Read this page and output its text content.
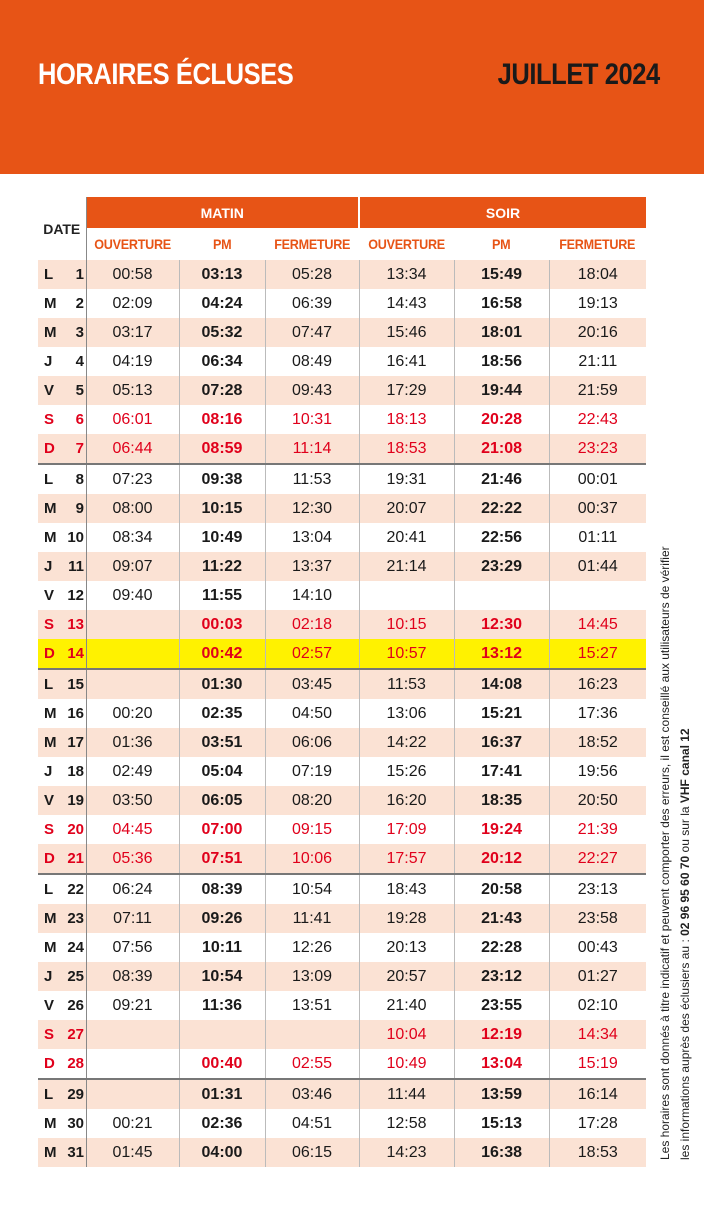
HORAIRES ÉCLUSES	JUILLET 2024
DATE	MATIN			SOIR		
	OUVERTURE	PM	FERMETURE	OUVERTURE	PM	FERMETURE
L 1	00:58	03:13	05:28	13:34	15:49	18:04
M 2	02:09	04:24	06:39	14:43	16:58	19:13
M 3	03:17	05:32	07:47	15:46	18:01	20:16
J 4	04:19	06:34	08:49	16:41	18:56	21:11
V 5	05:13	07:28	09:43	17:29	19:44	21:59
S 6	06:01	08:16	10:31	18:13	20:28	22:43
D 7	06:44	08:59	11:14	18:53	21:08	23:23
L 8	07:23	09:38	11:53	19:31	21:46	00:01
M 9	08:00	10:15	12:30	20:07	22:22	00:37
M 10	08:34	10:49	13:04	20:41	22:56	01:11
J 11	09:07	11:22	13:37	21:14	23:29	01:44
V 12	09:40	11:55	14:10			
S 13		00:03	02:18	10:15	12:30	14:45
D 14		00:42	02:57	10:57	13:12	15:27
L 15		01:30	03:45	11:53	14:08	16:23
M 16	00:20	02:35	04:50	13:06	15:21	17:36
M 17	01:36	03:51	06:06	14:22	16:37	18:52
J 18	02:49	05:04	07:19	15:26	17:41	19:56
V 19	03:50	06:05	08:20	16:20	18:35	20:50
S 20	04:45	07:00	09:15	17:09	19:24	21:39
D 21	05:36	07:51	10:06	17:57	20:12	22:27
L 22	06:24	08:39	10:54	18:43	20:58	23:13
M 23	07:11	09:26	11:41	19:28	21:43	23:58
M 24	07:56	10:11	12:26	20:13	22:28	00:43
J 25	08:39	10:54	13:09	20:57	23:12	01:27
V 26	09:21	11:36	13:51	21:40	23:55	02:10
S 27				10:04	12:19	14:34
D 28		00:40	02:55	10:49	13:04	15:19
L 29		01:31	03:46	11:44	13:59	16:14
M 30	00:21	02:36	04:51	12:58	15:13	17:28
M 31	01:45	04:00	06:15	14:23	16:38	18:53	Les horaires sont donnés à titre indicatif et peuvent comporter des erreurs, il est conseillé aux utilisateurs de vérifier les informations auprès des éclusiers au : 02 96 95 60 70 ou sur la VHF canal 12
